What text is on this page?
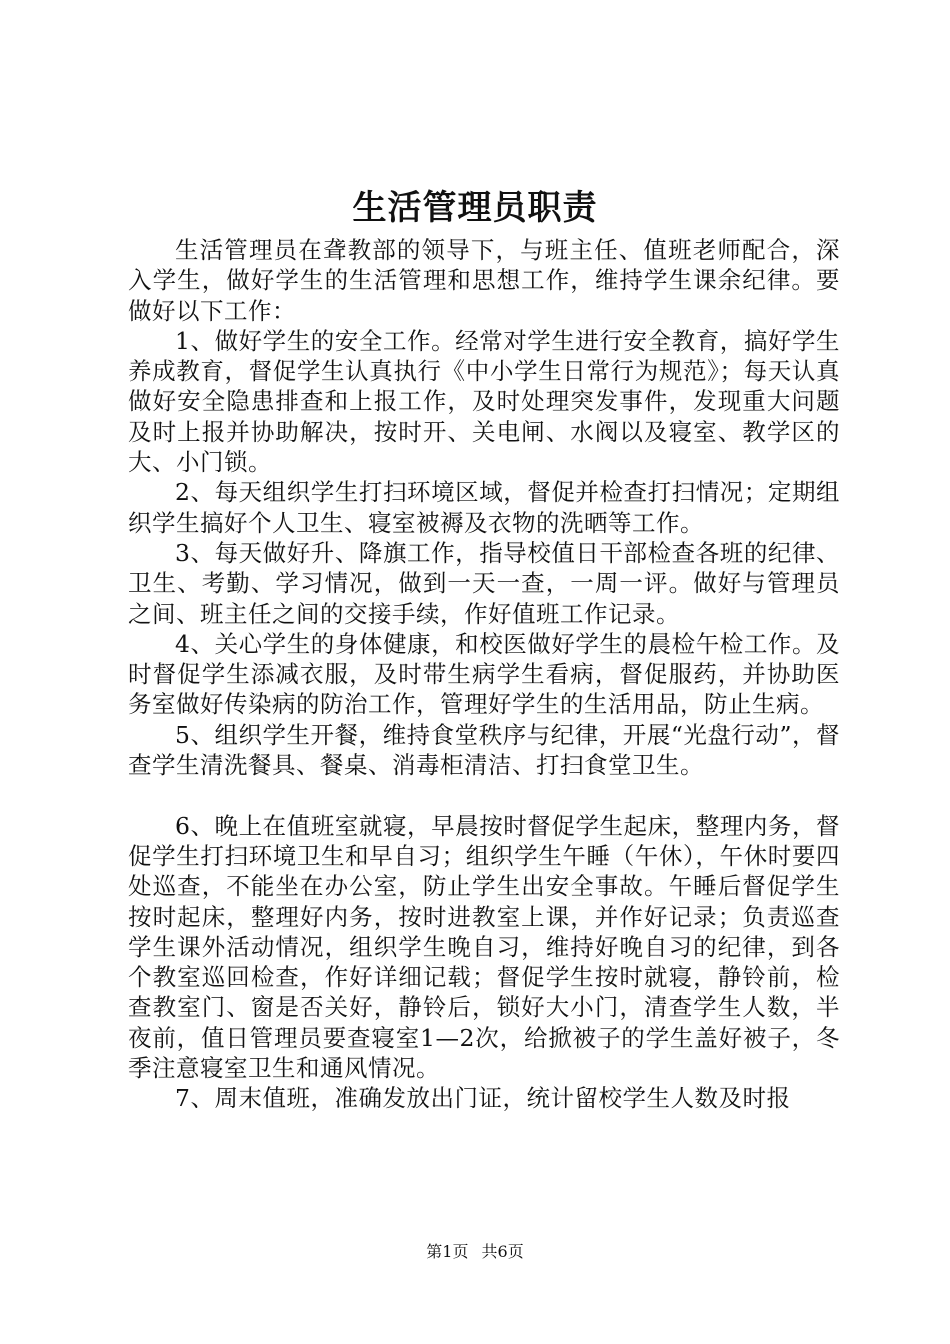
生活管理员职责

生活管理员在聋教部的领导下，与班主任、值班老师配合，深入学生，做好学生的生活管理和思想工作，维持学生课余纪律。要做好以下工作：

1、做好学生的安全工作。经常对学生进行安全教育，搞好学生养成教育，督促学生认真执行《中小学生日常行为规范》；每天认真做好安全隐患排查和上报工作，及时处理突发事件，发现重大问题及时上报并协助解决，按时开、关电闸、水阀以及寝室、教学区的大、小门锁。

2、每天组织学生打扫环境区域，督促并检查打扫情况；定期组织学生搞好个人卫生、寝室被褥及衣物的洗晒等工作。

3、每天做好升、降旗工作，指导校值日干部检查各班的纪律、卫生、考勤、学习情况，做到一天一查，一周一评。做好与管理员之间、班主任之间的交接手续，作好值班工作记录。

4、关心学生的身体健康，和校医做好学生的晨检午检工作。及时督促学生添减衣服，及时带生病学生看病，督促服药，并协助医务室做好传染病的防治工作，管理好学生的生活用品，防止生病。

5、组织学生开餐，维持食堂秩序与纪律，开展“光盘行动”，督查学生清洗餐具、餐桌、消毒柜清洁、打扫食堂卫生。

6、晚上在值班室就寝，早晨按时督促学生起床，整理内务，督促学生打扫环境卫生和早自习；组织学生午睡（午休），午休时要四处巡查，不能坐在办公室，防止学生出安全事故。午睡后督促学生按时起床，整理好内务，按时进教室上课，并作好记录；负责巡查学生课外活动情况，组织学生晚自习，维持好晚自习的纪律，到各个教室巡回检查，作好详细记载；督促学生按时就寝，静铃前，检查教室门、窗是否关好，静铃后，锁好大小门，清查学生人数，半夜前，值日管理员要查寝室1—2次，给掀被子的学生盖好被子，冬季注意寝室卫生和通风情况。

7、周末值班，准确发放出门证，统计留校学生人数及时报

第1页 共6页
